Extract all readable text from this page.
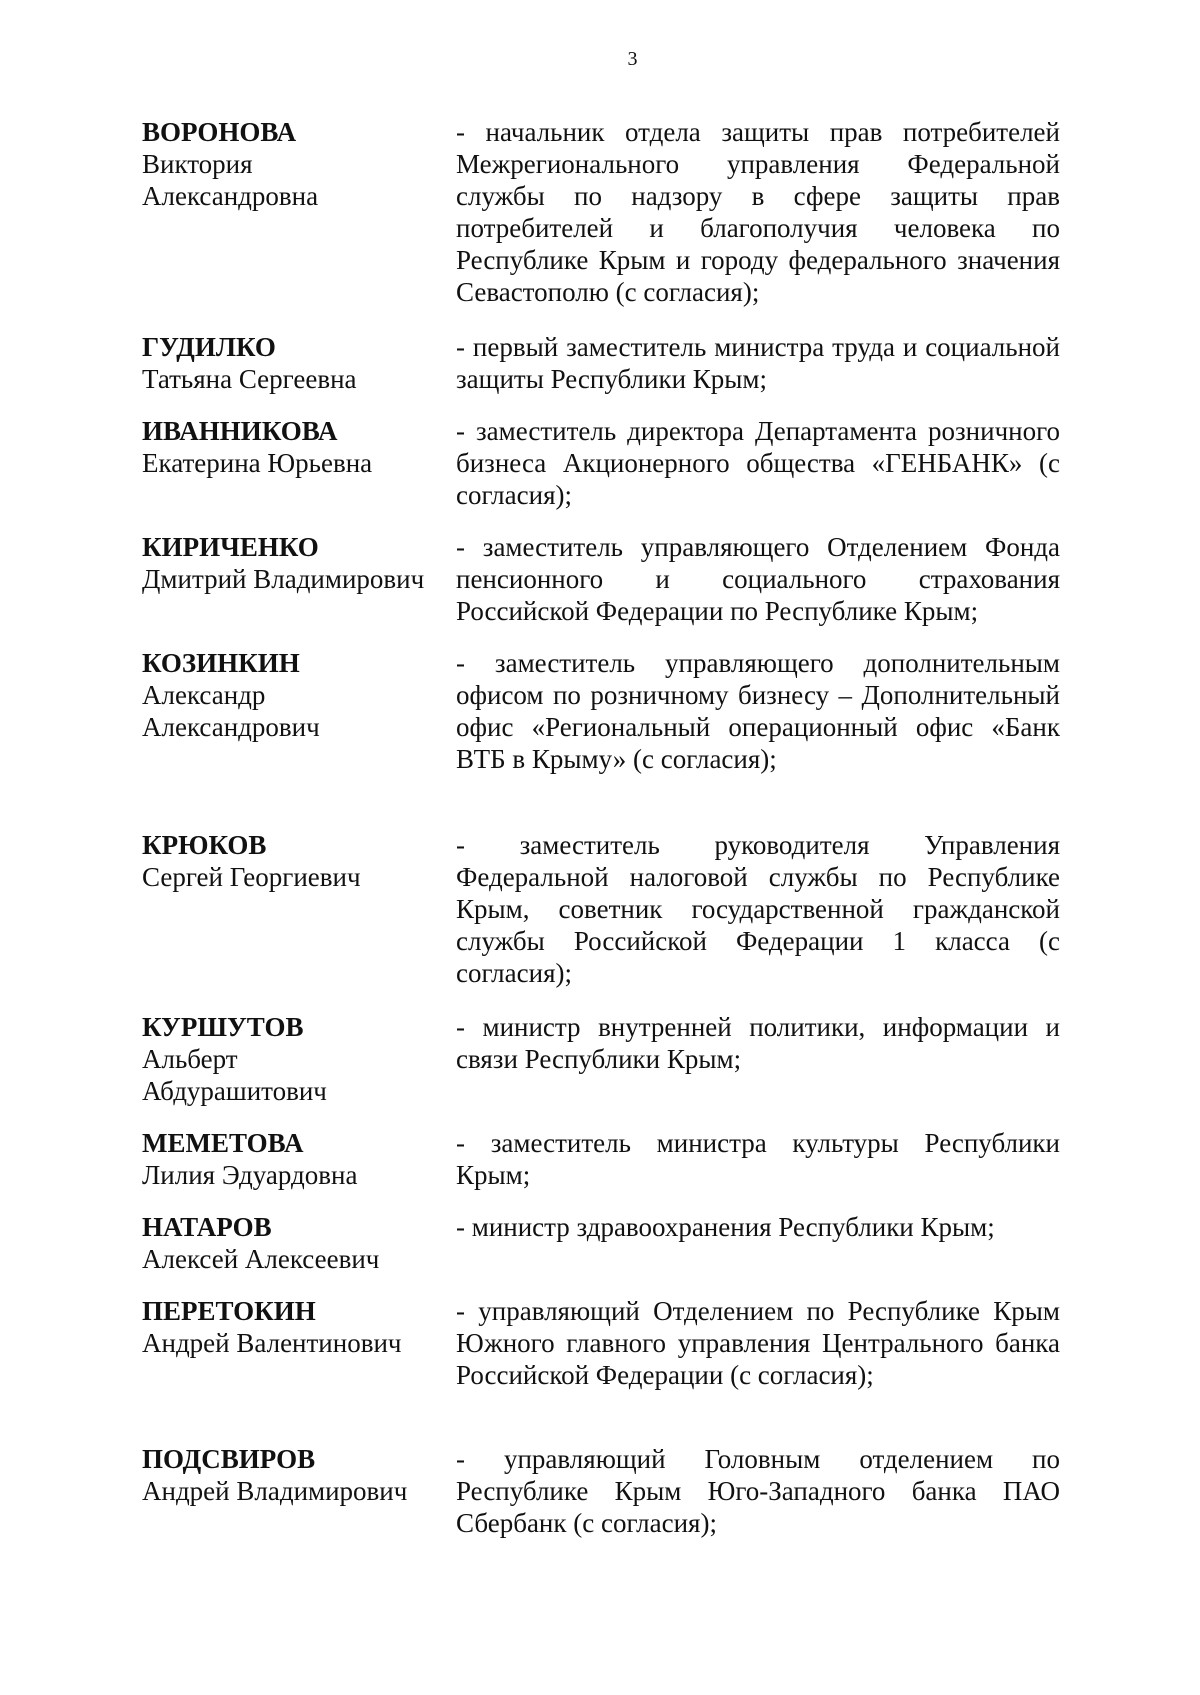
3
ВОРОНОВА
Виктория Александровна
- начальник отдела защиты прав потребителей Межрегионального управления Федеральной службы по надзору в сфере защиты прав потребителей и благополучия человека по Республике Крым и городу федерального значения Севастополю (с согласия);
ГУДИЛКО
Татьяна Сергеевна
- первый заместитель министра труда и социальной защиты Республики Крым;
ИВАННИКОВА
Екатерина Юрьевна
- заместитель директора Департамента розничного бизнеса Акционерного общества «ГЕНБАНК» (с согласия);
КИРИЧЕНКО
Дмитрий Владимирович
- заместитель управляющего Отделением Фонда пенсионного и социального страхования Российской Федерации по Республике Крым;
КОЗИНКИН
Александр Александрович
- заместитель управляющего дополнительным офисом по розничному бизнесу – Дополнительный офис «Региональный операционный офис «Банк ВТБ в Крыму» (с согласия);
КРЮКОВ
Сергей Георгиевич
- заместитель руководителя Управления Федеральной налоговой службы по Республике Крым, советник государственной гражданской службы Российской Федерации 1 класса (с согласия);
КУРШУТОВ
Альберт Абдурашитович
- министр внутренней политики, информации и связи Республики Крым;
МЕМЕТОВА
Лилия Эдуардовна
- заместитель министра культуры Республики Крым;
НАТАРОВ
Алексей Алексеевич
- министр здравоохранения Республики Крым;
ПЕРЕТОКИН
Андрей Валентинович
- управляющий Отделением по Республике Крым Южного главного управления Центрального банка Российской Федерации (с согласия);
ПОДСВИРОВ
Андрей Владимирович
- управляющий Головным отделением по Республике Крым Юго-Западного банка ПАО Сбербанк (с согласия);
